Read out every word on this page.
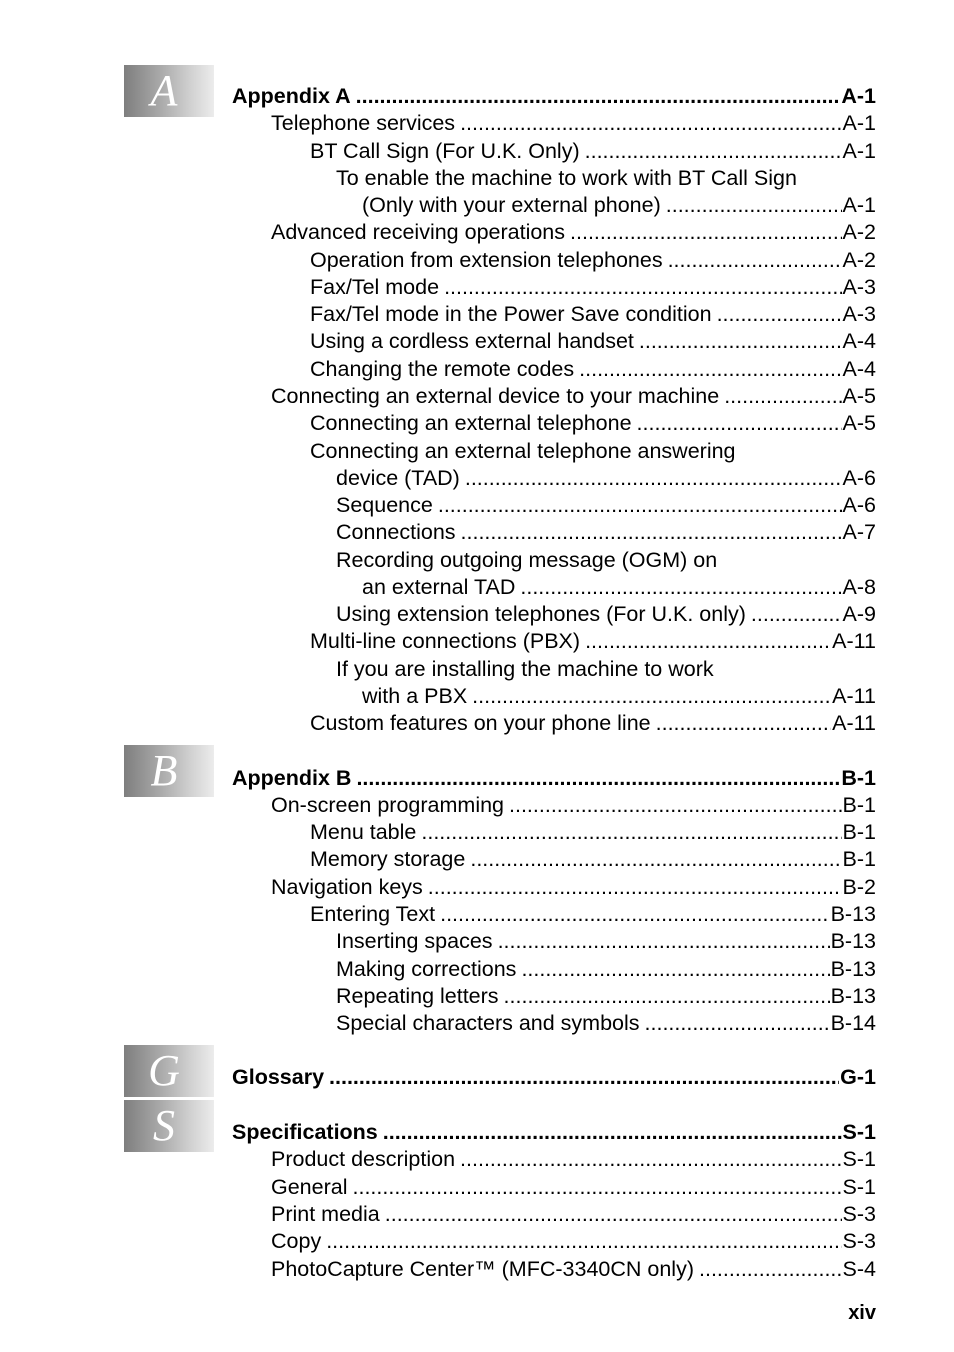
A
B
G
S
Appendix A .....	A-1
Telephone services .....	A-1
BT Call Sign (For U.K. Only) .....	A-1
To enable the machine to work with BT Call Sign
(Only with your external phone) .....	A-1
Advanced receiving operations .....	A-2
Operation from extension telephones .....	A-2
Fax/Tel mode .....	A-3
Fax/Tel mode in the Power Save condition .....	A-3
Using a cordless external handset .....	A-4
Changing the remote codes .....	A-4
Connecting an external device to your machine .....	A-5
Connecting an external telephone .....	A-5
Connecting an external telephone answering
device (TAD) .....	A-6
Sequence .....	A-6
Connections .....	A-7
Recording outgoing message (OGM) on
an external TAD .....	A-8
Using extension telephones (For U.K. only) .....	A-9
Multi-line connections (PBX) .....	A-11
If you are installing the machine to work
with a PBX .....	A-11
Custom features on your phone line .....	A-11
Appendix B .....	B-1
On-screen programming .....	B-1
Menu table .....	B-1
Memory storage .....	B-1
Navigation keys .....	B-2
Entering Text .....	B-13
Inserting spaces .....	B-13
Making corrections .....	B-13
Repeating letters .....	B-13
Special characters and symbols .....	B-14
Glossary .....	G-1
Specifications .....	S-1
Product description .....	S-1
General .....	S-1
Print media .....	S-3
Copy .....	S-3
PhotoCapture Center™ (MFC-3340CN only) .....	S-4
xiv
